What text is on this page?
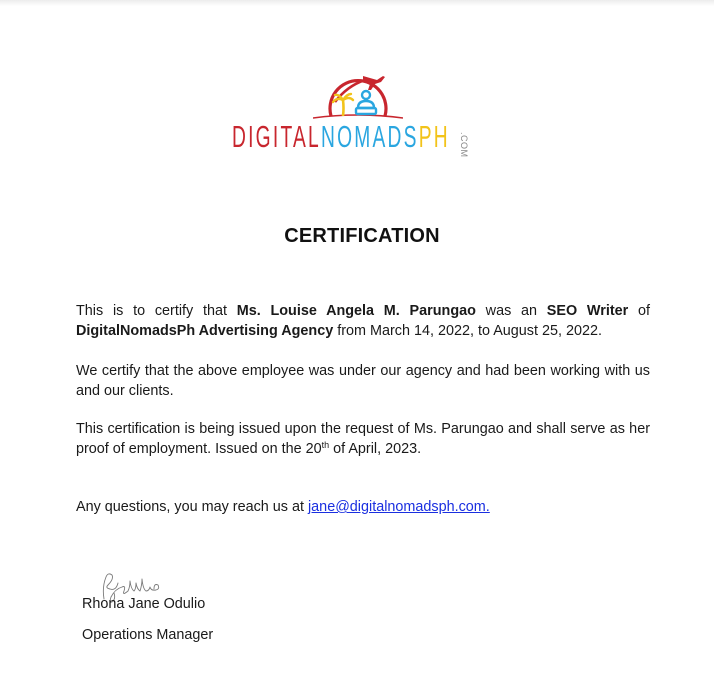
DIGITAL NOMADS PH .COM
CERTIFICATION
This is to certify that Ms. Louise Angela M. Parungao was an SEO Writer of
DigitalNomadsPh Advertising Agency from March 14, 2022, to August 25, 2022.
We certify that the above employee was under our agency and had been working with us and our clients.
This certification is being issued upon the request of Ms. Parungao and shall serve as her proof of employment. Issued on the 20th of April, 2023.
Any questions, you may reach us at jane@digitalnomadsph.com.
Rhona Jane Odulio
Operations Manager
